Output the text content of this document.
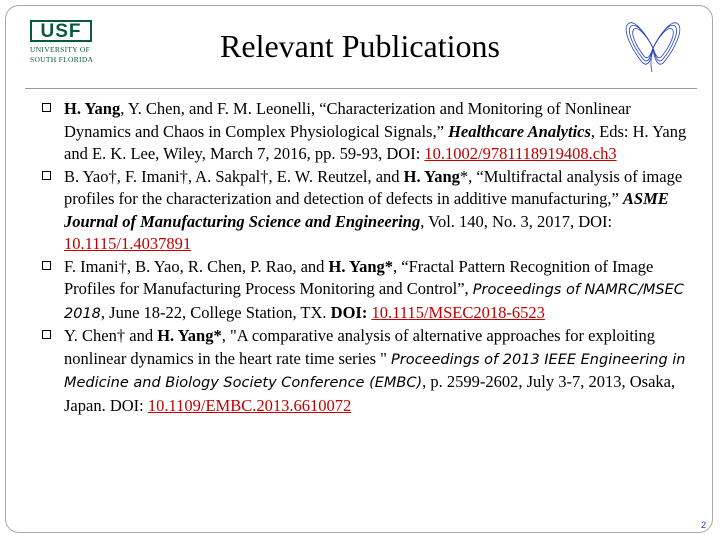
USF
UNIVERSITY OF
SOUTH FLORIDA	Relevant Publications
H. Yang, Y. Chen, and F. M. Leonelli, “Characterization and Monitoring of Nonlinear Dynamics and Chaos in Complex Physiological Signals,” Healthcare Analytics, Eds: H. Yang and E. K. Lee, Wiley, March 7, 2016, pp. 59-93, DOI: 10.1002/9781118919408.ch3
B. Yao†, F. Imani†, A. Sakpal†, E. W. Reutzel, and H. Yang*, “Multifractal analysis of image profiles for the characterization and detection of defects in additive manufacturing,” ASME Journal of Manufacturing Science and Engineering, Vol. 140, No. 3, 2017, DOI: 10.1115/1.4037891
F. Imani†, B. Yao, R. Chen, P. Rao, and H. Yang*, “Fractal Pattern Recognition of Image Profiles for Manufacturing Process Monitoring and Control”, Proceedings of NAMRC/MSEC 2018, June 18-22, College Station, TX. DOI: 10.1115/MSEC2018-6523
Y. Chen† and H. Yang*, "A comparative analysis of alternative approaches for exploiting nonlinear dynamics in the heart rate time series " Proceedings of 2013 IEEE Engineering in Medicine and Biology Society Conference (EMBC), p. 2599-2602, July 3-7, 2013, Osaka, Japan. DOI: 10.1109/EMBC.2013.6610072
2
